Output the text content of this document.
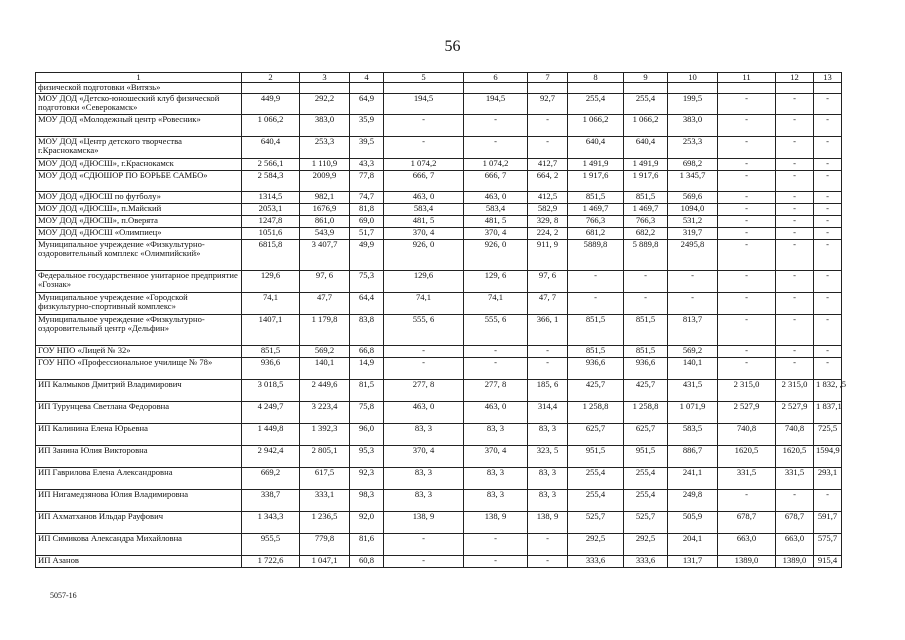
56
1	2	3	4	5	6	7	8	9	10	11	12	13
физической подготовки «Витязь»												
МОУ ДОД «Детско-юношеский клуб физической подготовки «Северокамск»	449,9	292,2	64,9	194,5	194,5	92,7	255,4	255,4	199,5	-	-	-
МОУ ДОД «Молодежный центр «Ровесник»	1 066,2	383,0	35,9	-	-	-	1 066,2	1 066,2	383,0	-	-	-
МОУ ДОД «Центр детского творчества г.Краснокамска»	640,4	253,3	39,5	-	-	-	640,4	640,4	253,3	-	-	-
МОУ ДОД «ДЮСШ», г.Краснокамск	2 566,1	1 110,9	43,3	1 074,2	1 074,2	412,7	1 491,9	1 491,9	698,2	-	-	-
МОУ ДОД «СДЮШОР ПО БОРЬБЕ САМБО»	2 584,3	2009,9	77,8	666, 7	666, 7	664, 2	1 917,6	1 917,6	1 345,7	-	-	-
МОУ ДОД «ДЮСШ по футболу»	1314,5	982,1	74,7	463, 0	463, 0	412,5	851,5	851,5	569,6	-	-	-
МОУ ДОД «ДЮСШ», п.Майский	2053,1	1676,9	81,8	583,4	583,4	582,9	1 469,7	1 469,7	1094,0	-	-	-
МОУ ДОД «ДЮСШ», п.Оверята	1247,8	861,0	69,0	481, 5	481, 5	329, 8	766,3	766,3	531,2	-	-	-
МОУ ДОД «ДЮСШ «Олимпиец»	1051,6	543,9	51,7	370, 4	370, 4	224, 2	681,2	682,2	319,7	-	-	-
Муниципальное учреждение «Физкультурно-оздоровительный комплекс «Олимпийский»	6815,8	3 407,7	49,9	926, 0	926, 0	911, 9	5889,8	5 889,8	2495,8	-	-	-
Федеральное государственное унитарное предприятие «Гознак»	129,6	97, 6	75,3	129,6	129, 6	97, 6	-	-	-	-	-	-
Муниципальное учреждение «Городской физкультурно-спортивный комплекс»	74,1	47,7	64,4	74,1	74,1	47, 7	-	-	-	-	-	-
Муниципальное учреждение «Физкультурно-оздоровительный центр «Дельфин»	1407,1	1 179,8	83,8	555, 6	555, 6	366, 1	851,5	851,5	813,7	-	-	-
ГОУ НПО «Лицей № 32»	851,5	569,2	66,8	-	-	-	851,5	851,5	569,2	-	-	-
ГОУ НПО «Профессиональное училище № 78»	936,6	140,1	14,9	-	-	-	936,6	936,6	140,1	-	-	-
ИП Калмыков Дмитрий Владимирович	3 018,5	2 449,6	81,5	277, 8	277, 8	185, 6	425,7	425,7	431,5	2 315,0	2 315,0	1 832, ,5
ИП Турунцева Светлана Федоровна	4 249,7	3 223,4	75,8	463, 0	463, 0	314,4	1 258,8	1 258,8	1 071,9	2 527,9	2 527,9	1 837,1
ИП Калинина Елена Юрьевна	1 449,8	1 392,3	96,0	83, 3	83, 3	83, 3	625,7	625,7	583,5	740,8	740,8	725,5
ИП Занина Юлия Викторовна	2 942,4	2 805,1	95,3	370, 4	370, 4	323, 5	951,5	951,5	886,7	1620,5	1620,5	1594,9
ИП Гаврилова Елена Александровна	669,2	617,5	92,3	83, 3	83, 3	83, 3	255,4	255,4	241,1	331,5	331,5	293,1
ИП Нигамедзянова Юлия Владимировна	338,7	333,1	98,3	83, 3	83, 3	83, 3	255,4	255,4	249,8	-	-	-
ИП Ахматханов Ильдар Рауфович	1 343,3	1 236,5	92,0	138, 9	138, 9	138, 9	525,7	525,7	505,9	678,7	678,7	591,7
ИП Симикова Александра Михайловна	955,5	779,8	81,6	-	-	-	292,5	292,5	204,1	663,0	663,0	575,7
ИП Азанов	1 722,6	1 047,1	60,8	-	-	-	333,6	333,6	131,7	1389,0	1389,0	915,4
5057-16
